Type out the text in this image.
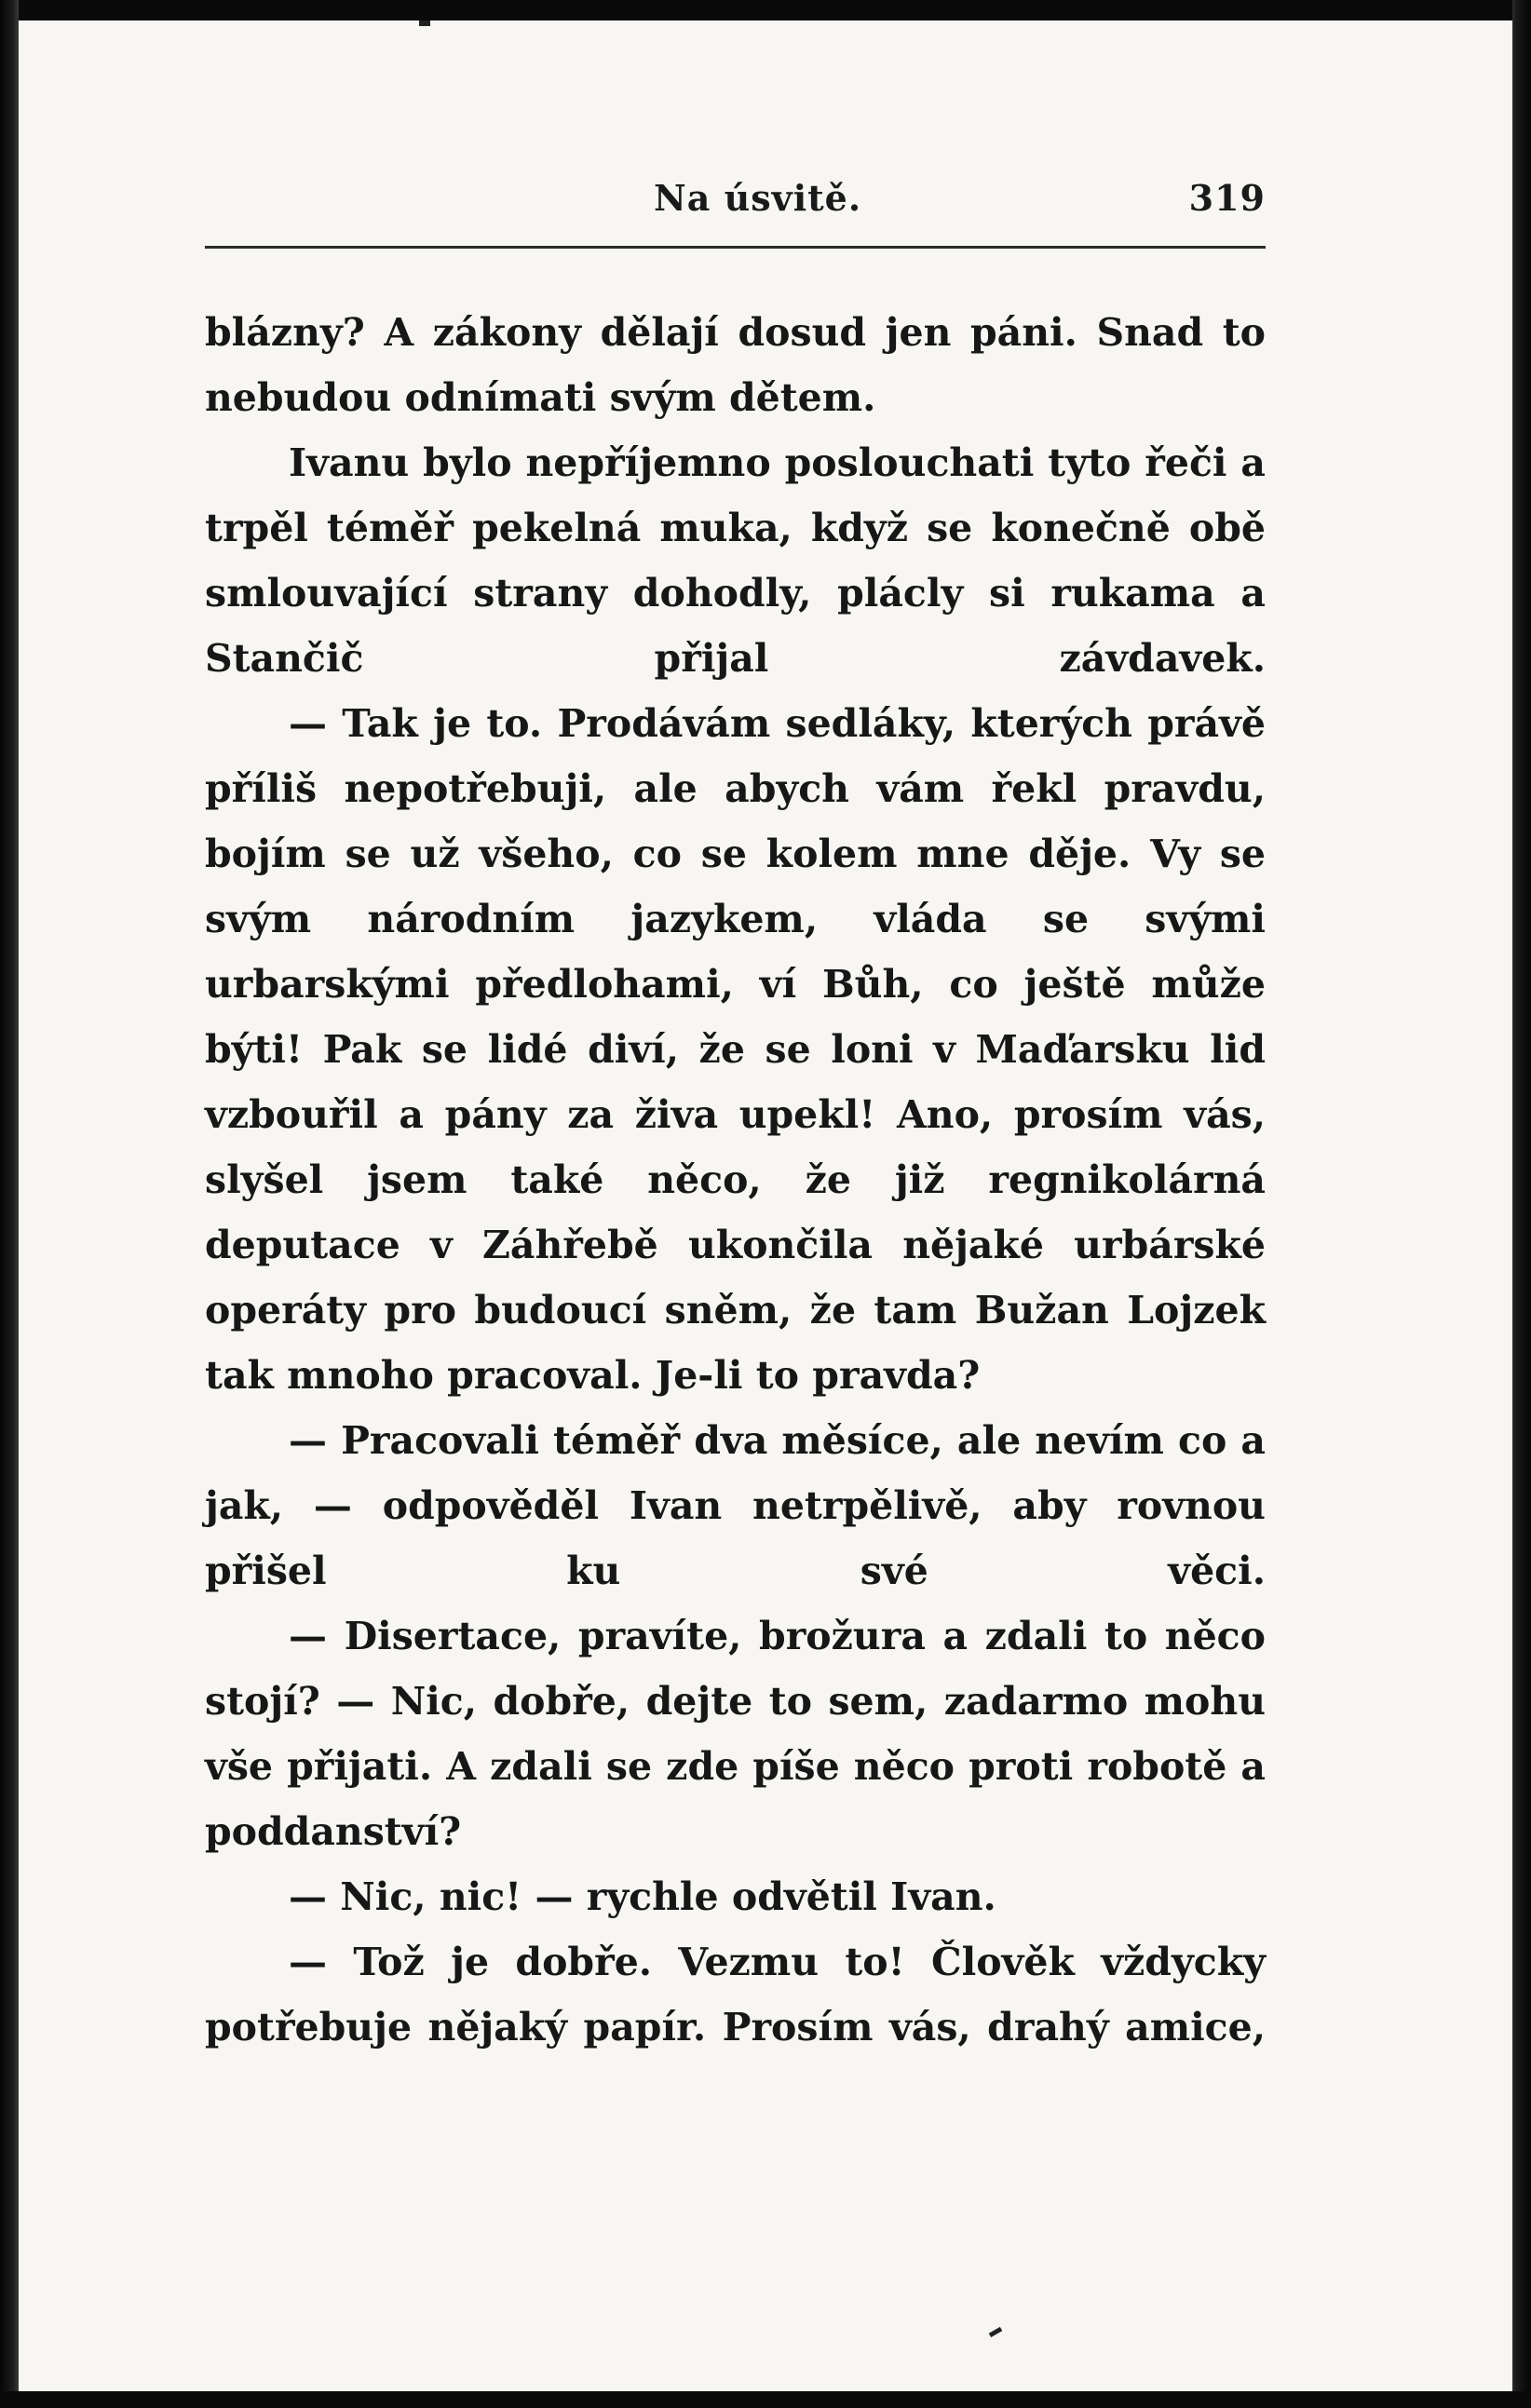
Na úsvitě.	319

blázny? A zákony dělají dosud jen páni. Snad to nebudou odnímati svým dětem.

Ivanu bylo nepříjemno poslouchati tyto řeči a trpěl téměř pekelná muka, když se konečně obě smlouvající strany dohodly, plácly si rukama a Stančič přijal závdavek.

— Tak je to. Prodávám sedláky, kterých právě příliš nepotřebuji, ale abych vám řekl pravdu, bojím se už všeho, co se kolem mne děje. Vy se svým národním jazykem, vláda se svými urbarskými předlohami, ví Bůh, co ještě může býti! Pak se lidé diví, že se loni v Maďarsku lid vzbouřil a pány za živa upekl! Ano, prosím vás, slyšel jsem také něco, že již regnikolárná deputace v Záhřebě ukončila nějaké urbárské operáty pro budoucí sněm, že tam Bužan Lojzek tak mnoho pracoval. Je-li to pravda?

— Pracovali téměř dva měsíce, ale nevím co a jak, — odpověděl Ivan netrpělivě, aby rovnou přišel ku své věci.

— Disertace, pravíte, brožura a zdali to něco stojí? — Nic, dobře, dejte to sem, zadarmo mohu vše přijati. A zdali se zde píše něco proti robotě a poddanství?

— Nic, nic! — rychle odvětil Ivan.

— Tož je dobře. Vezmu to! Člověk vždycky potřebuje nějaký papír. Prosím vás, drahý amice,
